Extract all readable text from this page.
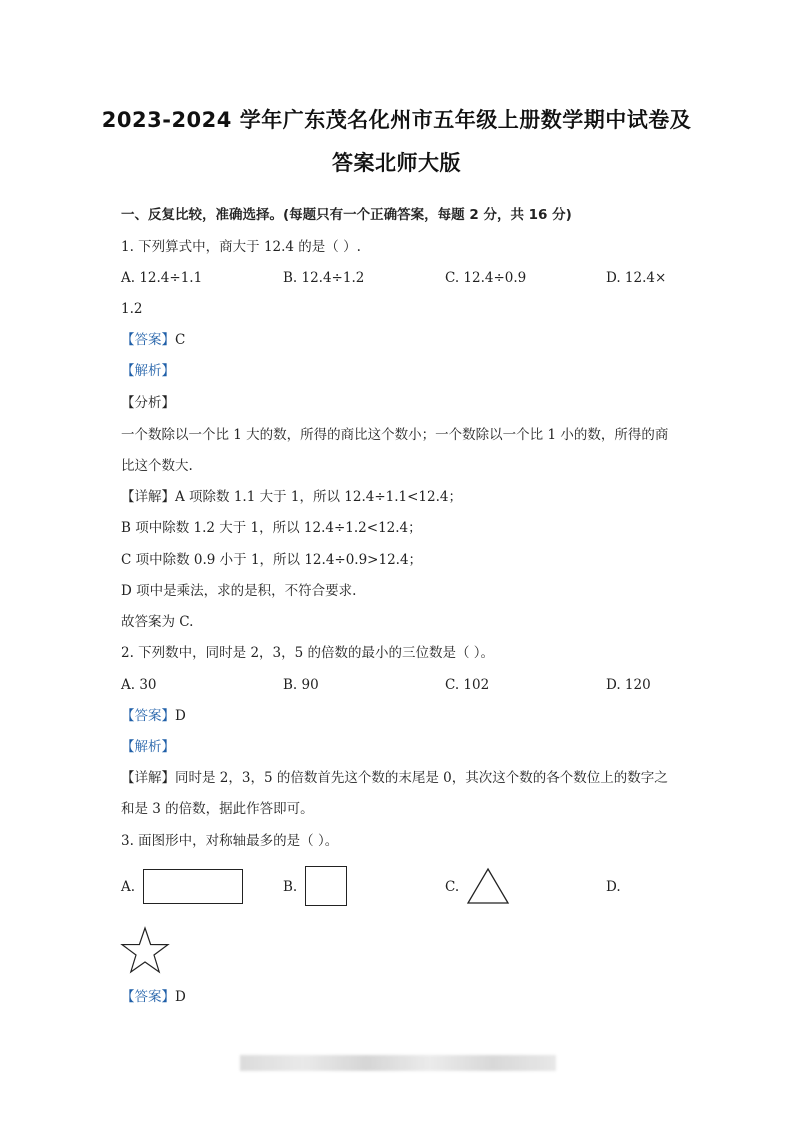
2023-2024 学年广东茂名化州市五年级上册数学期中试卷及
答案北师大版
一、反复比较，准确选择。(每题只有一个正确答案，每题 2 分，共 16 分)
1. 下列算式中，商大于 12.4 的是（ ）.
A. 12.4÷1.1	B. 12.4÷1.2	C. 12.4÷0.9	D. 12.4×
1.2
【答案】C
【解析】
【分析】
一个数除以一个比 1 大的数，所得的商比这个数小；一个数除以一个比 1 小的数，所得的商
比这个数大.
【详解】A 项除数 1.1 大于 1，所以 12.4÷1.1<12.4；
B 项中除数 1.2 大于 1，所以 12.4÷1.2<12.4；
C 项中除数 0.9 小于 1，所以 12.4÷0.9>12.4；
D 项中是乘法，求的是积，不符合要求.
故答案为 C.
2. 下列数中，同时是 2，3，5 的倍数的最小的三位数是（ ）。
A. 30	B. 90	C. 102	D. 120
【答案】D
【解析】
【详解】同时是 2，3，5 的倍数首先这个数的末尾是 0，其次这个数的各个数位上的数字之
和是 3 的倍数，据此作答即可。
3. 面图形中，对称轴最多的是（ ）。
A.	B.	C.	D.
【答案】D
